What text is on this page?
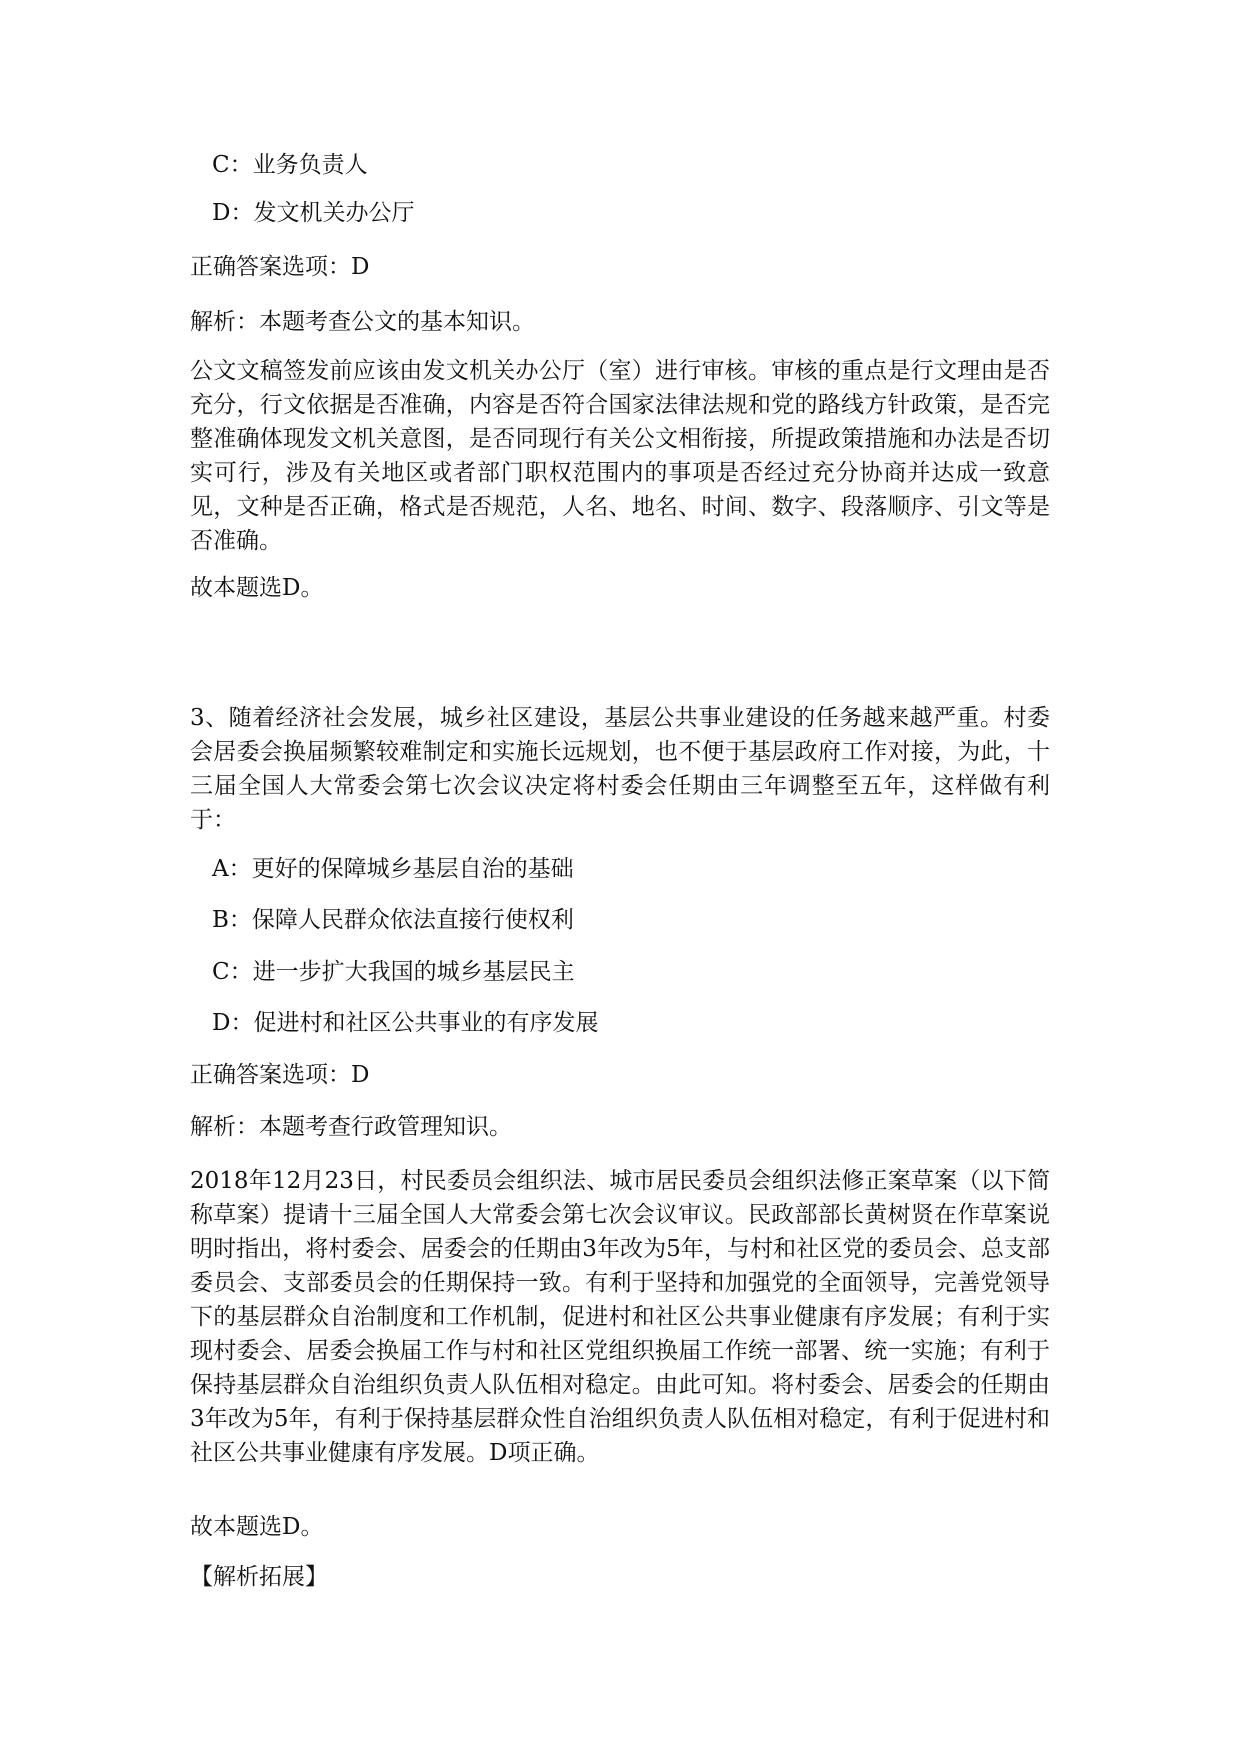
C：业务负责人
D：发文机关办公厅
正确答案选项：D
解析：本题考查公文的基本知识。
公文文稿签发前应该由发文机关办公厅（室）进行审核。审核的重点是行文理由是否充分，行文依据是否准确，内容是否符合国家法律法规和党的路线方针政策，是否完整准确体现发文机关意图，是否同现行有关公文相衔接，所提政策措施和办法是否切实可行，涉及有关地区或者部门职权范围内的事项是否经过充分协商并达成一致意见，文种是否正确，格式是否规范，人名、地名、时间、数字、段落顺序、引文等是否准确。
故本题选D。
3、随着经济社会发展，城乡社区建设，基层公共事业建设的任务越来越严重。村委会居委会换届频繁较难制定和实施长远规划，也不便于基层政府工作对接，为此，十三届全国人大常委会第七次会议决定将村委会任期由三年调整至五年，这样做有利于：
A：更好的保障城乡基层自治的基础
B：保障人民群众依法直接行使权利
C：进一步扩大我国的城乡基层民主
D：促进村和社区公共事业的有序发展
正确答案选项：D
解析：本题考查行政管理知识。
2018年12月23日，村民委员会组织法、城市居民委员会组织法修正案草案（以下简称草案）提请十三届全国人大常委会第七次会议审议。民政部部长黄树贤在作草案说明时指出，将村委会、居委会的任期由3年改为5年，与村和社区党的委员会、总支部委员会、支部委员会的任期保持一致。有利于坚持和加强党的全面领导，完善党领导下的基层群众自治制度和工作机制，促进村和社区公共事业健康有序发展；有利于实现村委会、居委会换届工作与村和社区党组织换届工作统一部署、统一实施；有利于保持基层群众自治组织负责人队伍相对稳定。由此可知。将村委会、居委会的任期由3年改为5年，有利于保持基层群众性自治组织负责人队伍相对稳定，有利于促进村和社区公共事业健康有序发展。D项正确。
故本题选D。
【解析拓展】
